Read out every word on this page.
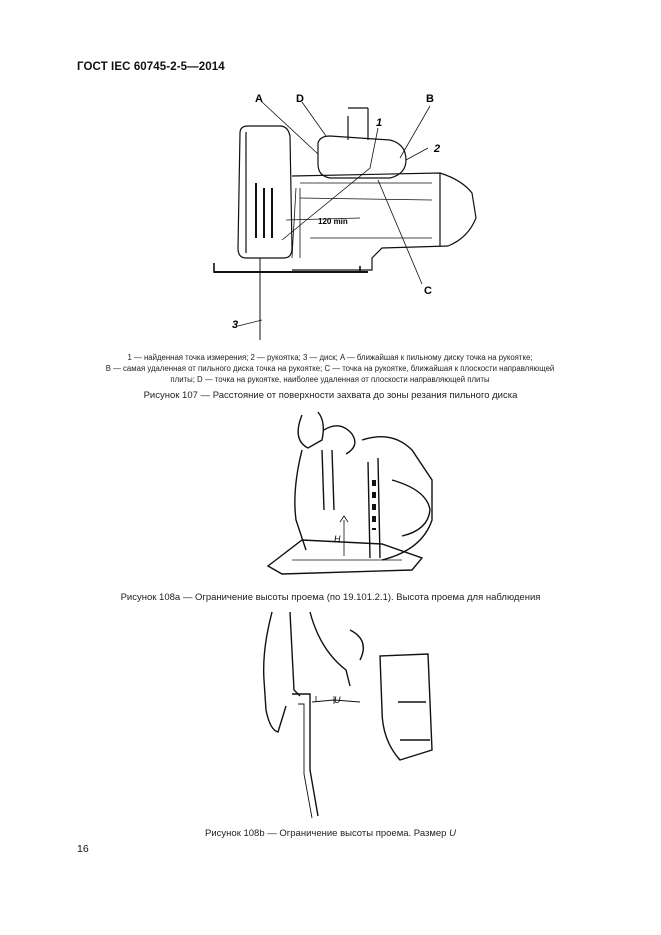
ГОСТ IEC 60745-2-5—2014
A	D	B
1
2
C
3
120 min
1 — найденная точка измерения; 2 — рукоятка; 3 — диск; A — ближайшая к пильному диску точка на рукоятке;
B — самая удаленная от пильного диска точка на рукоятке; C — точка на рукоятке, ближайшая к плоскости направляющей
плиты; D — точка на рукоятке, наиболее удаленная от плоскости направляющей плиты
Рисунок 107 — Расстояние от поверхности захвата до зоны резания пильного диска
H
Рисунок 108а — Ограничение высоты проема (по 19.101.2.1). Высота проема для наблюдения
U
Рисунок 108b — Ограничение высоты проема. Размер U
16
